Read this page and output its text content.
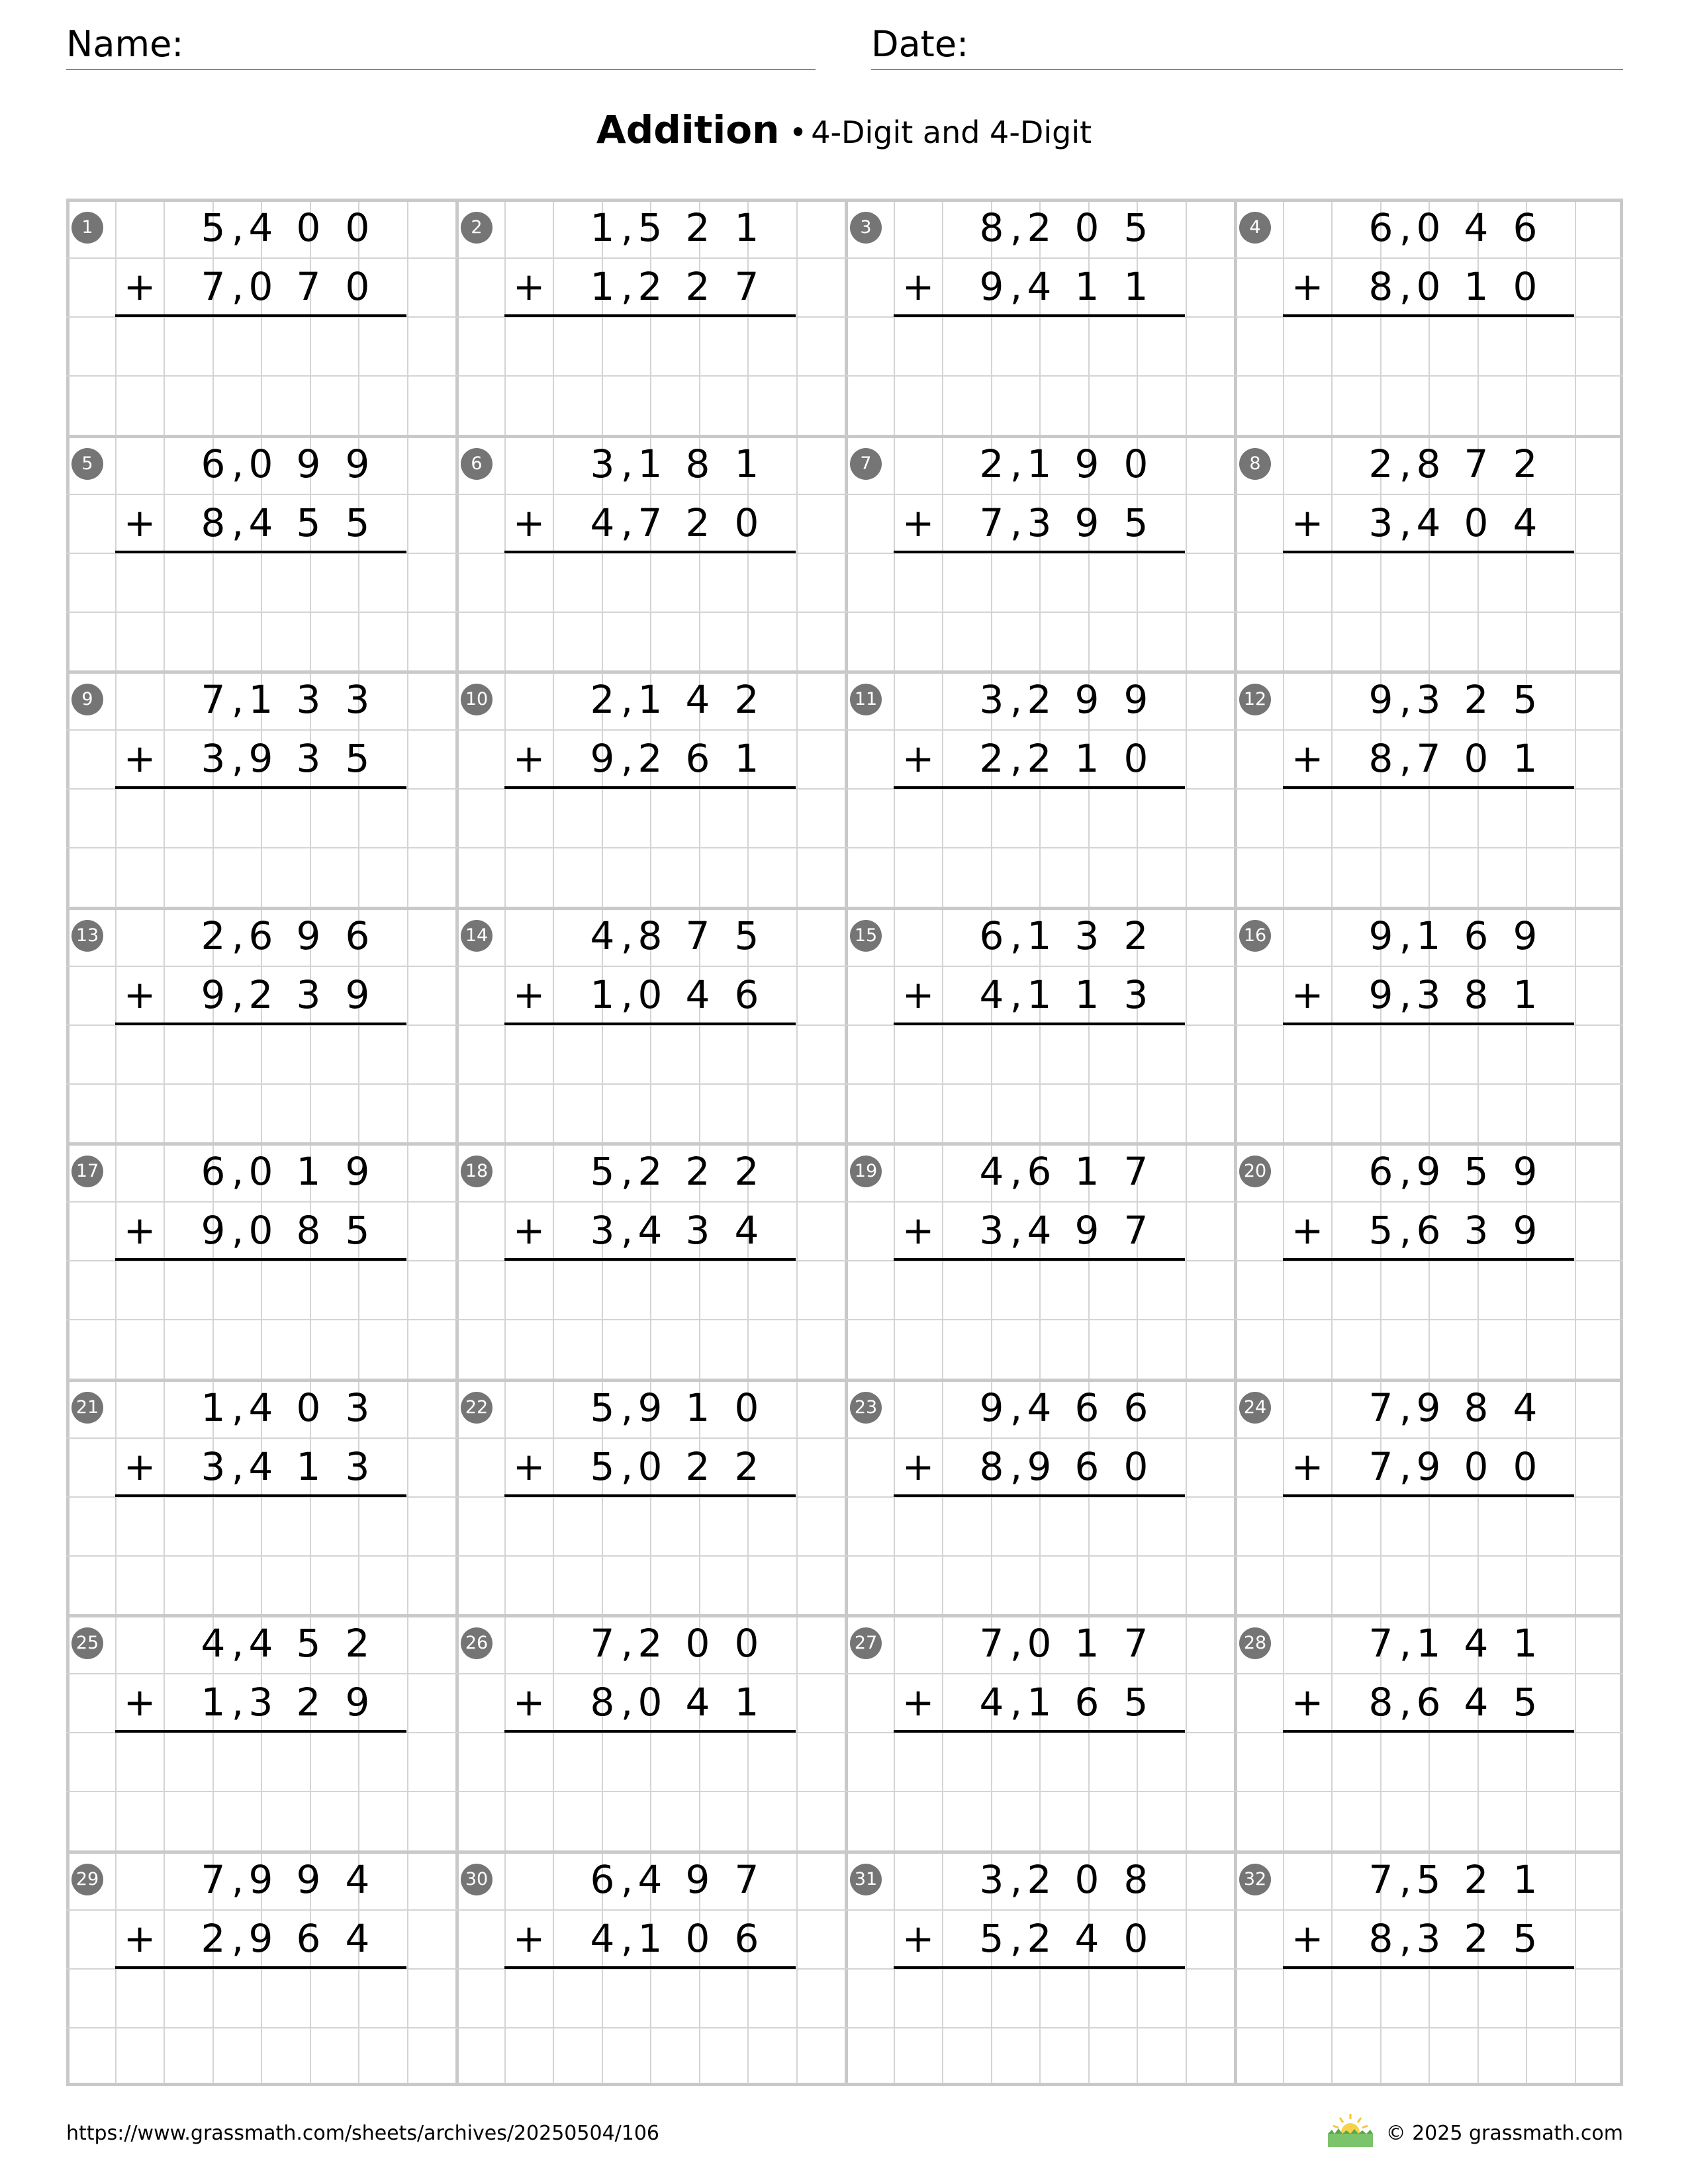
Name:	Date:
Addition • 4-Digit and 4-Digit
1	5 4 0 0
,
7 0 7 0
,
+
2	1 5 2 1
,
1 2 2 7
,
+
3	8 2 0 5
,
9 4 1 1
,
+
4	6 0 4 6
,
8 0 1 0
,
+
5	6 0 9 9
,
8 4 5 5
,
+
6	3 1 8 1
,
4 7 2 0
,
+
7	2 1 9 0
,
7 3 9 5
,
+
8	2 8 7 2
,
3 4 0 4
,
+
9	7 1 3 3
,
3 9 3 5
,
+
10	2 1 4 2
,
9 2 6 1
,
+
11	3 2 9 9
,
2 2 1 0
,
+
12	9 3 2 5
,
8 7 0 1
,
+
13	2 6 9 6
,
9 2 3 9
,
+
14	4 8 7 5
,
1 0 4 6
,
+
15	6 1 3 2
,
4 1 1 3
,
+
16	9 1 6 9
,
9 3 8 1
,
+
17	6 0 1 9
,
9 0 8 5
,
+
18	5 2 2 2
,
3 4 3 4
,
+
19	4 6 1 7
,
3 4 9 7
,
+
20	6 9 5 9
,
5 6 3 9
,
+
21	1 4 0 3
,
3 4 1 3
,
+
22	5 9 1 0
,
5 0 2 2
,
+
23	9 4 6 6
,
8 9 6 0
,
+
24	7 9 8 4
,
7 9 0 0
,
+
25	4 4 5 2
,
1 3 2 9
,
+
26	7 2 0 0
,
8 0 4 1
,
+
27	7 0 1 7
,
4 1 6 5
,
+
28	7 1 4 1
,
8 6 4 5
,
+
29	7 9 9 4
,
2 9 6 4
,
+
30	6 4 9 7
,
4 1 0 6
,
+
31	3 2 0 8
,
5 2 4 0
,
+
32	7 5 2 1
,
8 3 2 5
,
+
https://www.grassmath.com/sheets/archives/20250504/106	© 2025 grassmath.com
